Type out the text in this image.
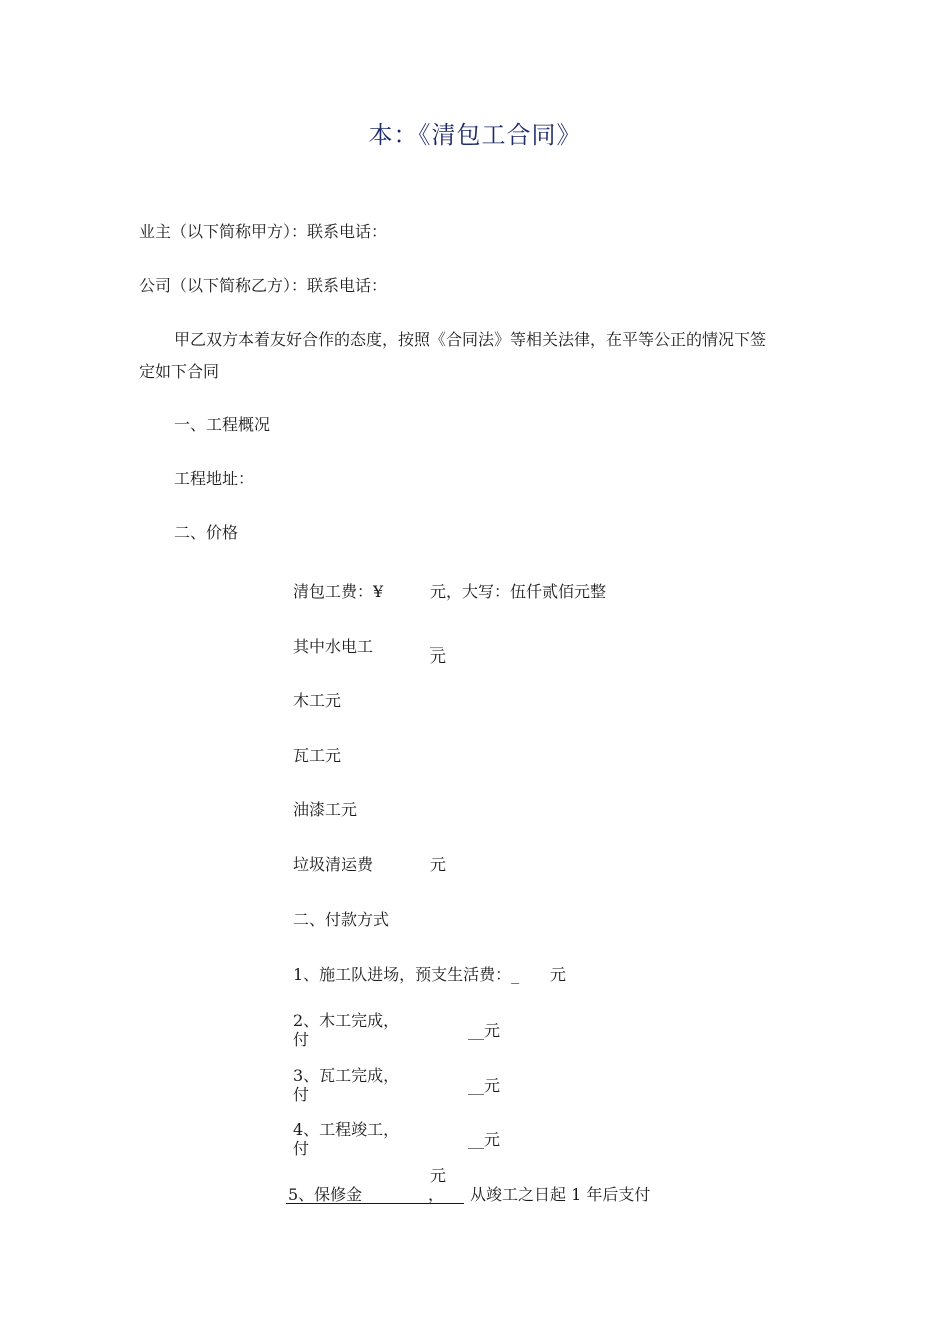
本：《清包工合同》
业主（以下简称甲方）：联系电话：
公司（以下简称乙方）：联系电话：
甲乙双方本着友好合作的态度，按照《合同法》等相关法律，在平等公正的情况下签
定如下合同
一、工程概况
工程地址：
二、价格
清包工费：¥	元，大写：伍仟贰佰元整
其中水电工	__
元
木工元
瓦工元
油漆工元
垃圾清运费	元
二、付款方式
1、施工队进场，预支生活费：_ 元
2、木工完成，
付	__元
3、瓦工完成，
付	__元
4、工程竣工，
付	__元
元
5、保修金	， 从竣工之日起 1 年后支付
